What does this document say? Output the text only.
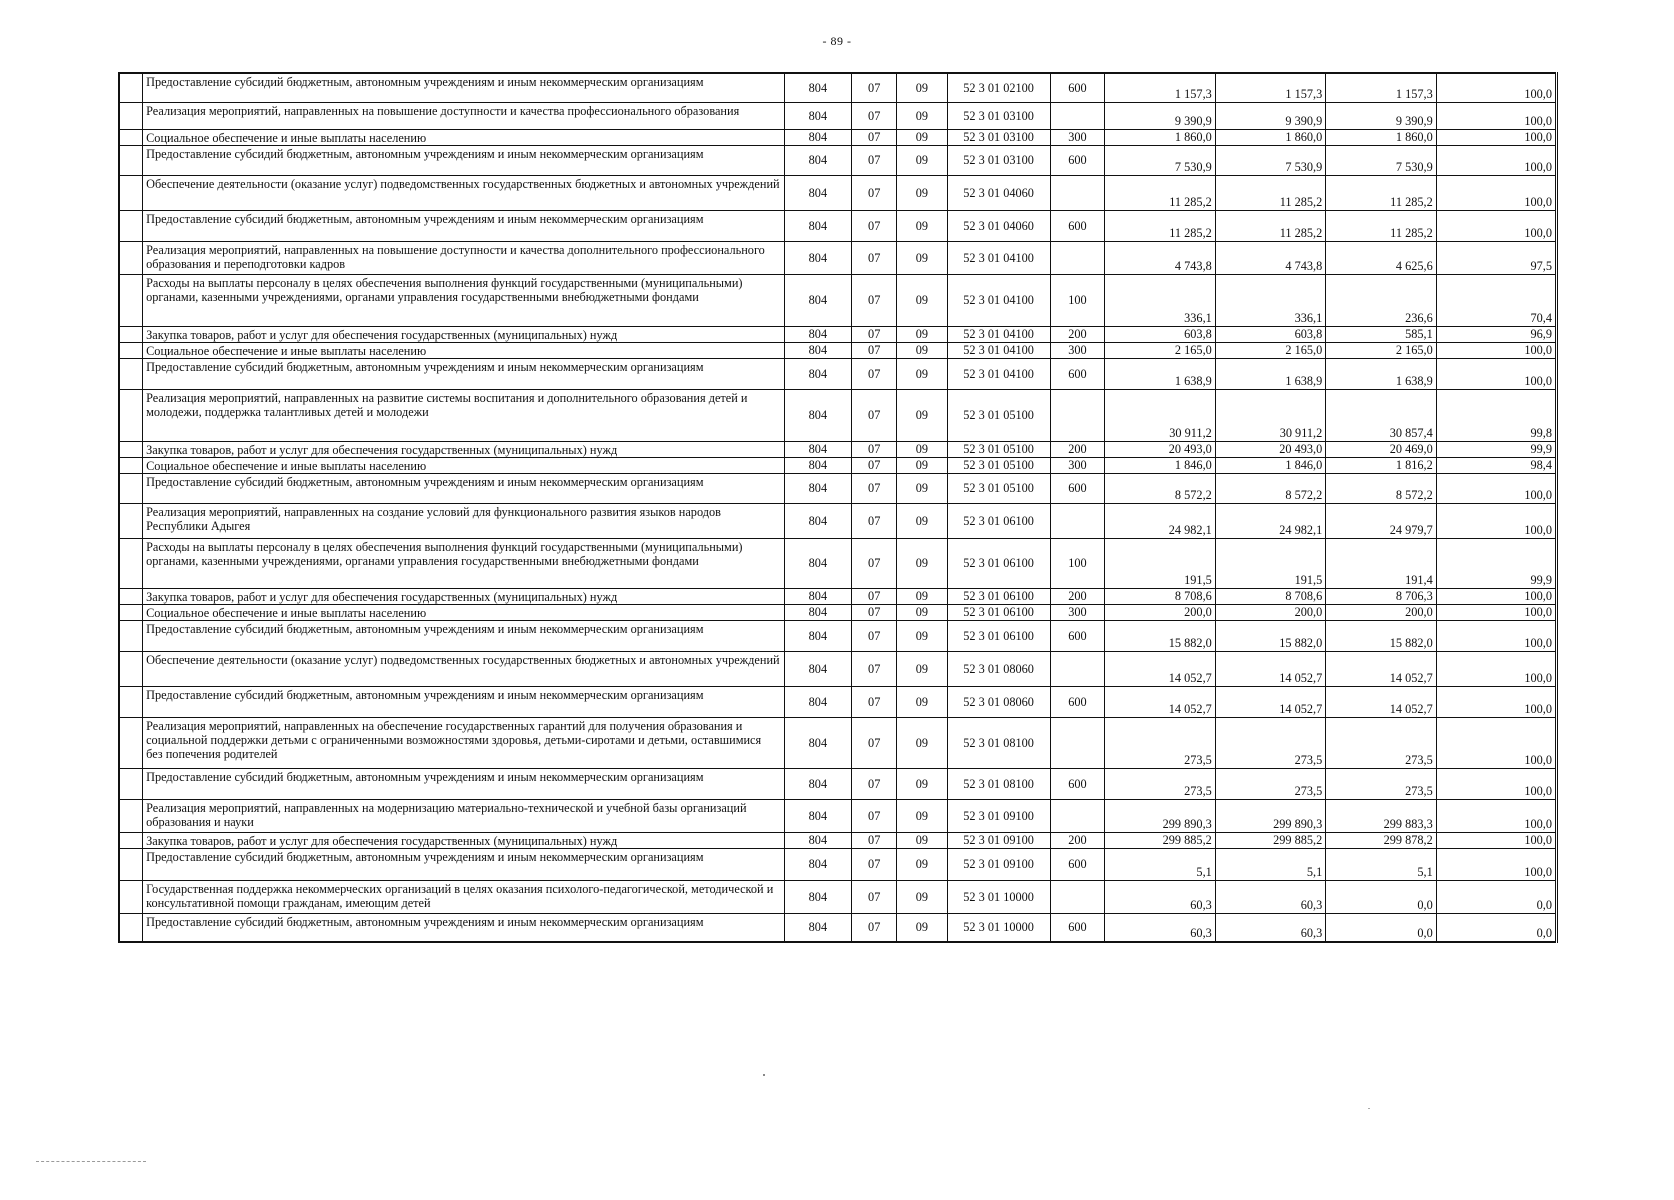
- 89 -
	Предоставление субсидий бюджетным, автономным учреждениям и иным некоммерческим организациям	804	07	09	52 3 01 02100	600	1 157,3	1 157,3	1 157,3	100,0
	Реализация мероприятий, направленных на повышение доступности и качества профессионального образования	804	07	09	52 3 01 03100		9 390,9	9 390,9	9 390,9	100,0
	Социальное обеспечение и иные выплаты населению	804	07	09	52 3 01 03100	300	1 860,0	1 860,0	1 860,0	100,0
	Предоставление субсидий бюджетным, автономным учреждениям и иным некоммерческим организациям	804	07	09	52 3 01 03100	600	7 530,9	7 530,9	7 530,9	100,0
	Обеспечение деятельности (оказание услуг) подведомственных государственных бюджетных и автономных учреждений	804	07	09	52 3 01 04060		11 285,2	11 285,2	11 285,2	100,0
	Предоставление субсидий бюджетным, автономным учреждениям и иным некоммерческим организациям	804	07	09	52 3 01 04060	600	11 285,2	11 285,2	11 285,2	100,0
	Реализация мероприятий, направленных на повышение доступности и качества дополнительного профессионального образования и переподготовки кадров	804	07	09	52 3 01 04100		4 743,8	4 743,8	4 625,6	97,5
	Расходы на выплаты персоналу в целях обеспечения выполнения функций государственными (муниципальными) органами, казенными учреждениями, органами управления государственными внебюджетными фондами	804	07	09	52 3 01 04100	100	336,1	336,1	236,6	70,4
	Закупка товаров, работ и услуг для обеспечения государственных (муниципальных) нужд	804	07	09	52 3 01 04100	200	603,8	603,8	585,1	96,9
	Социальное обеспечение и иные выплаты населению	804	07	09	52 3 01 04100	300	2 165,0	2 165,0	2 165,0	100,0
	Предоставление субсидий бюджетным, автономным учреждениям и иным некоммерческим организациям	804	07	09	52 3 01 04100	600	1 638,9	1 638,9	1 638,9	100,0
	Реализация мероприятий, направленных на развитие системы воспитания и дополнительного образования детей и молодежи, поддержка талантливых детей и молодежи	804	07	09	52 3 01 05100		30 911,2	30 911,2	30 857,4	99,8
	Закупка товаров, работ и услуг для обеспечения государственных (муниципальных) нужд	804	07	09	52 3 01 05100	200	20 493,0	20 493,0	20 469,0	99,9
	Социальное обеспечение и иные выплаты населению	804	07	09	52 3 01 05100	300	1 846,0	1 846,0	1 816,2	98,4
	Предоставление субсидий бюджетным, автономным учреждениям и иным некоммерческим организациям	804	07	09	52 3 01 05100	600	8 572,2	8 572,2	8 572,2	100,0
	Реализация мероприятий, направленных на создание условий для функционального развития языков народов Республики Адыгея	804	07	09	52 3 01 06100		24 982,1	24 982,1	24 979,7	100,0
	Расходы на выплаты персоналу в целях обеспечения выполнения функций государственными (муниципальными) органами, казенными учреждениями, органами управления государственными внебюджетными фондами	804	07	09	52 3 01 06100	100	191,5	191,5	191,4	99,9
	Закупка товаров, работ и услуг для обеспечения государственных (муниципальных) нужд	804	07	09	52 3 01 06100	200	8 708,6	8 708,6	8 706,3	100,0
	Социальное обеспечение и иные выплаты населению	804	07	09	52 3 01 06100	300	200,0	200,0	200,0	100,0
	Предоставление субсидий бюджетным, автономным учреждениям и иным некоммерческим организациям	804	07	09	52 3 01 06100	600	15 882,0	15 882,0	15 882,0	100,0
	Обеспечение деятельности (оказание услуг) подведомственных государственных бюджетных и автономных учреждений	804	07	09	52 3 01 08060		14 052,7	14 052,7	14 052,7	100,0
	Предоставление субсидий бюджетным, автономным учреждениям и иным некоммерческим организациям	804	07	09	52 3 01 08060	600	14 052,7	14 052,7	14 052,7	100,0
	Реализация мероприятий, направленных на обеспечение государственных гарантий для получения образования и социальной поддержки детьми с ограниченными возможностями здоровья, детьми-сиротами и детьми, оставшимися без попечения родителей	804	07	09	52 3 01 08100		273,5	273,5	273,5	100,0
	Предоставление субсидий бюджетным, автономным учреждениям и иным некоммерческим организациям	804	07	09	52 3 01 08100	600	273,5	273,5	273,5	100,0
	Реализация мероприятий, направленных на модернизацию материально-технической и учебной базы организаций образования и науки	804	07	09	52 3 01 09100		299 890,3	299 890,3	299 883,3	100,0
	Закупка товаров, работ и услуг для обеспечения государственных (муниципальных) нужд	804	07	09	52 3 01 09100	200	299 885,2	299 885,2	299 878,2	100,0
	Предоставление субсидий бюджетным, автономным учреждениям и иным некоммерческим организациям	804	07	09	52 3 01 09100	600	5,1	5,1	5,1	100,0
	Государственная поддержка некоммерческих организаций в целях оказания психолого-педагогической, методической и консультативной помощи гражданам, имеющим детей	804	07	09	52 3 01 10000		60,3	60,3	0,0	0,0
	Предоставление субсидий бюджетным, автономным учреждениям и иным некоммерческим организациям	804	07	09	52 3 01 10000	600	60,3	60,3	0,0	0,0
